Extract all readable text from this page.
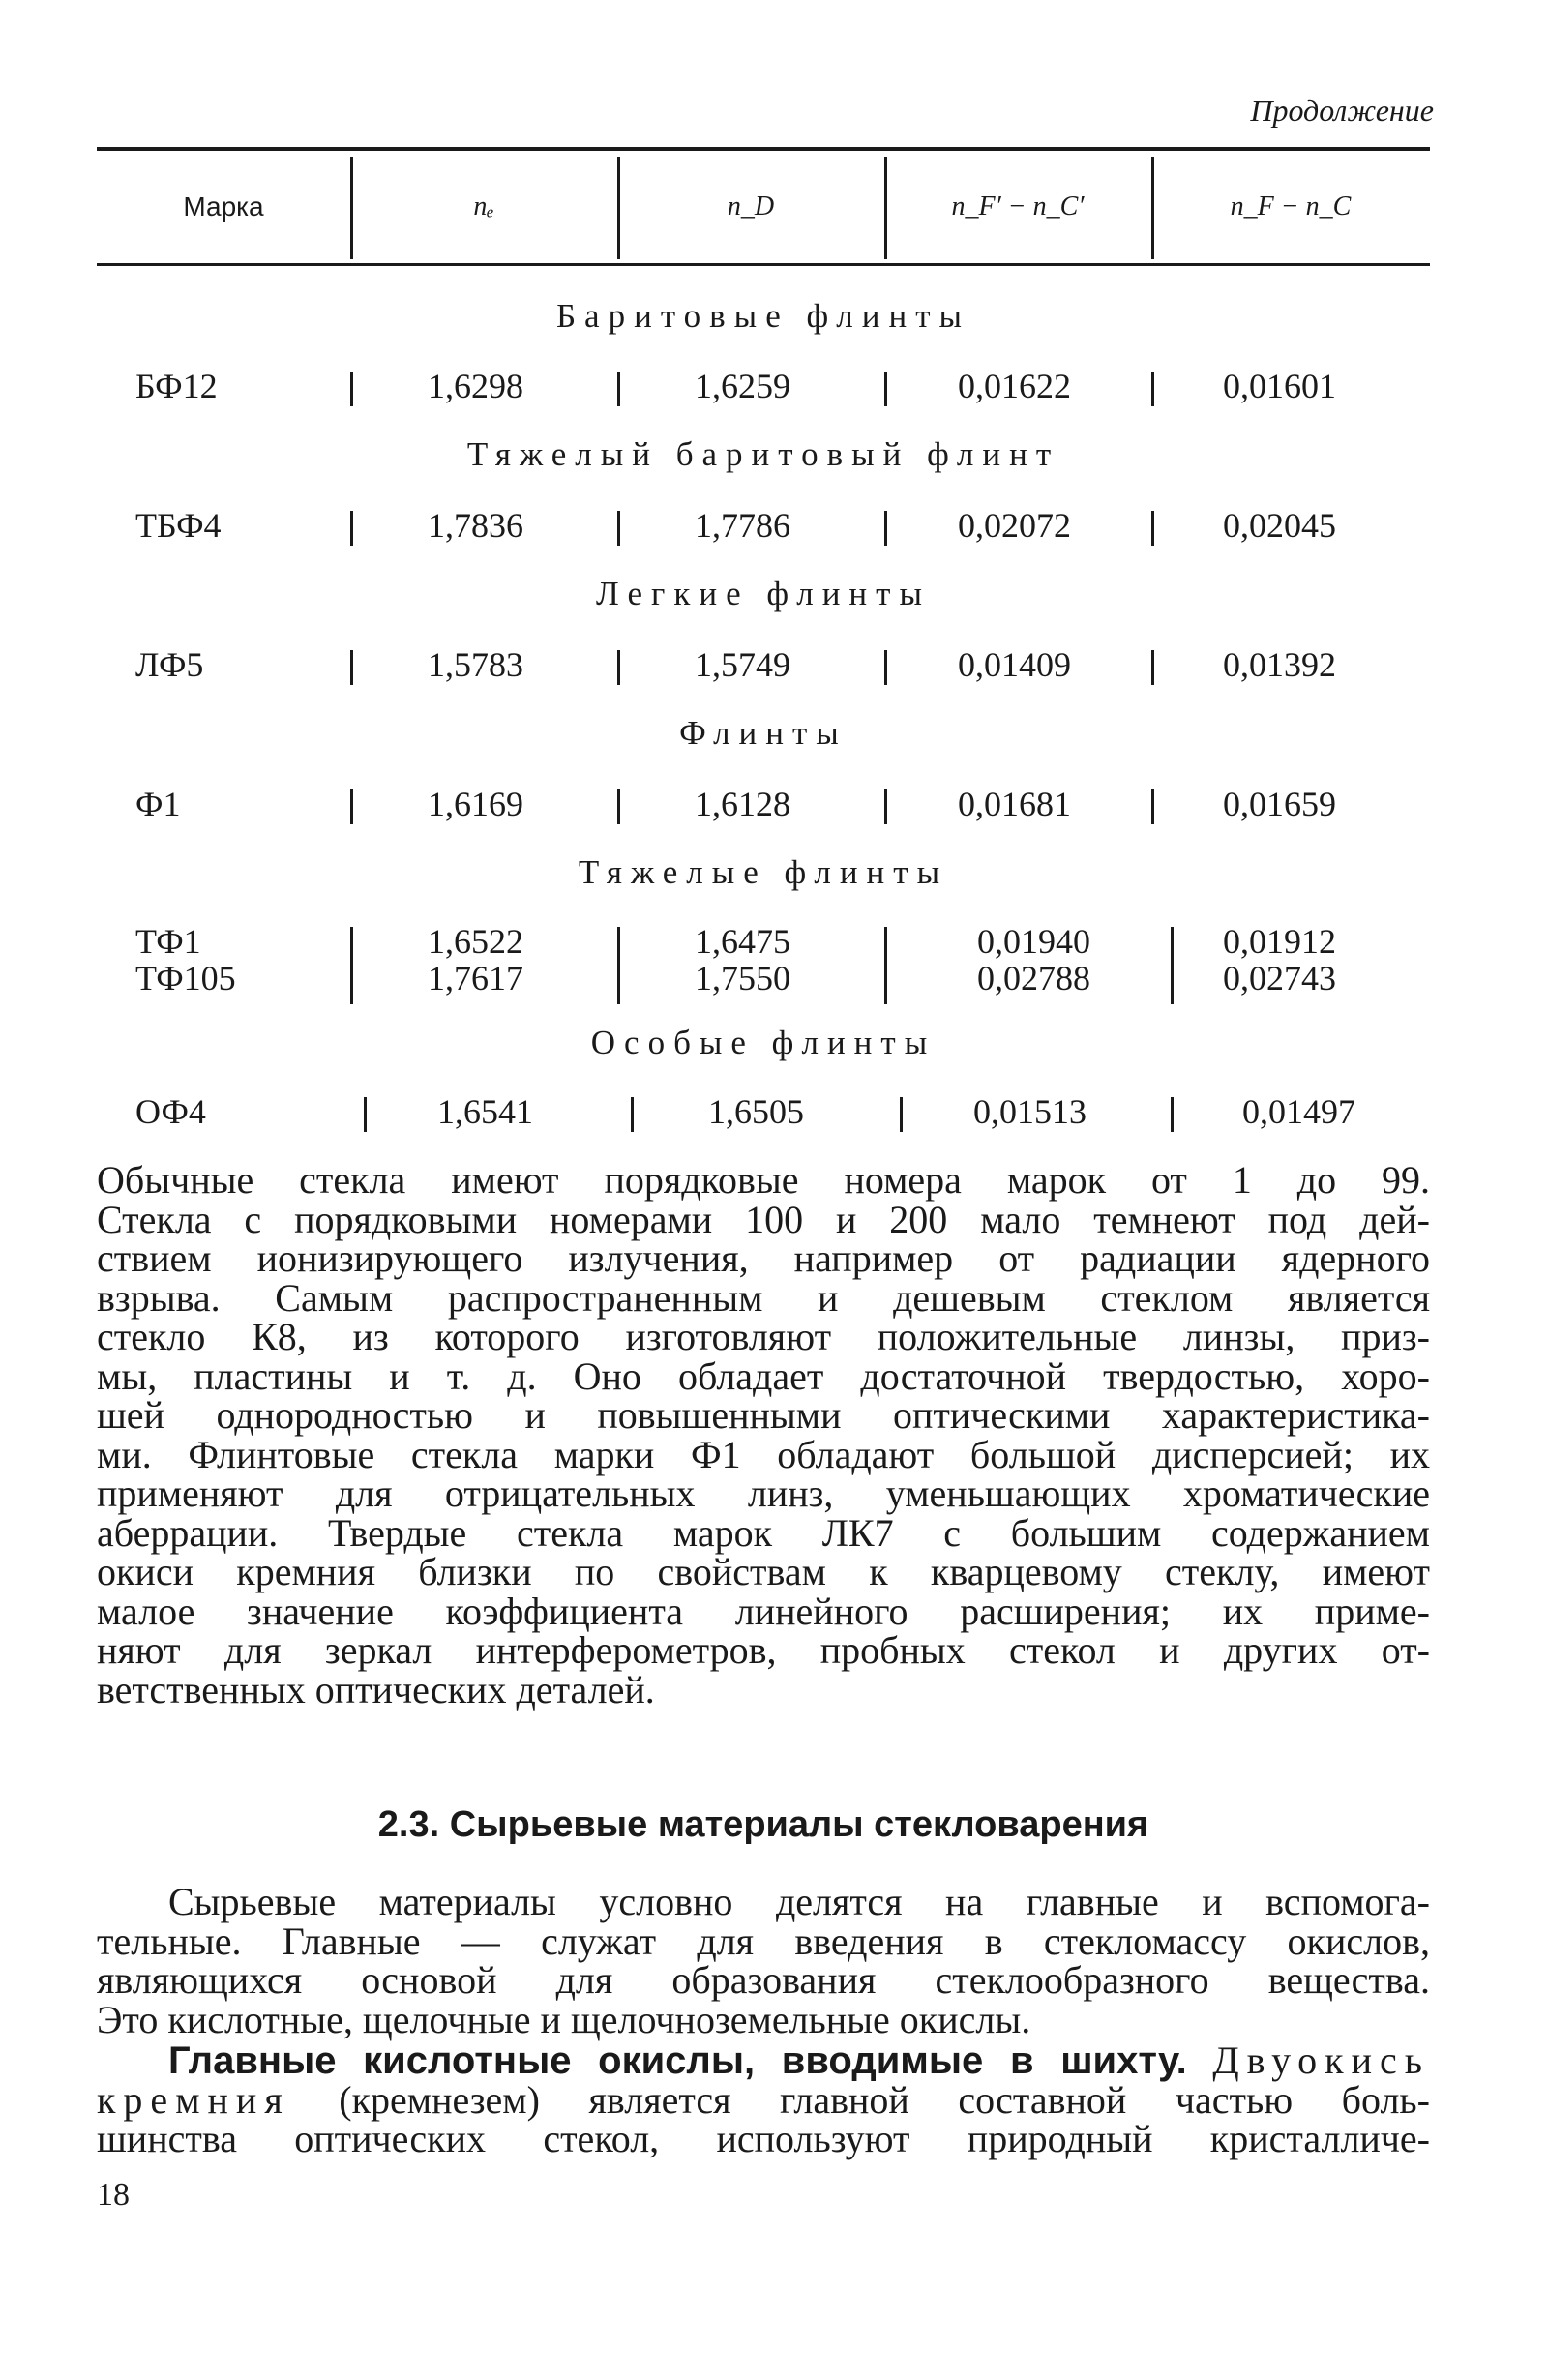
Продолжение
Марка	nₑ	n_D	n_F′ − n_C′	n_F − n_C
Баритовые флинты
БФ12	1,6298	1,6259	0,01622	0,01601
Тяжелый баритовый флинт
ТБФ4	1,7836	1,7786	0,02072	0,02045
Легкие флинты
ЛФ5	1,5783	1,5749	0,01409	0,01392
Флинты
Ф1	1,6169	1,6128	0,01681	0,01659
Тяжелые флинты
ТФ1	1,6522	1,6475	0,01940	0,01912
ТФ105	1,7617	1,7550	0,02788	0,02743
Особые флинты
ОФ4	1,6541	1,6505	0,01513	0,01497
Обычные стекла имеют порядковые номера марок от 1 до 99.
Стекла с порядковыми номерами 100 и 200 мало темнеют под дей-
ствием ионизирующего излучения, например от радиации ядерного
взрыва. Самым распространенным и дешевым стеклом является
стекло К8, из которого изготовляют положительные линзы, приз-
мы, пластины и т. д. Оно обладает достаточной твердостью, хоро-
шей однородностью и повышенными оптическими характеристика-
ми. Флинтовые стекла марки Ф1 обладают большой дисперсией; их
применяют для отрицательных линз, уменьшающих хроматические
аберрации. Твердые стекла марок ЛК7 с большим содержанием
окиси кремния близки по свойствам к кварцевому стеклу, имеют
малое значение коэффициента линейного расширения; их приме-
няют для зеркал интерферометров, пробных стекол и других от-
ветственных оптических деталей.
2.3. Сырьевые материалы стекловарения
Сырьевые материалы условно делятся на главные и вспомога-
тельные. Главные — служат для введения в стекломассу окислов,
являющихся основой для образования стеклообразного вещества.
Это кислотные, щелочные и щелочноземельные окислы.
Главные кислотные окислы, вводимые в шихту. Двуокись
кремния (кремнезем) является главной составной частью боль-
шинства оптических стекол, используют природный кристалличе-
18
